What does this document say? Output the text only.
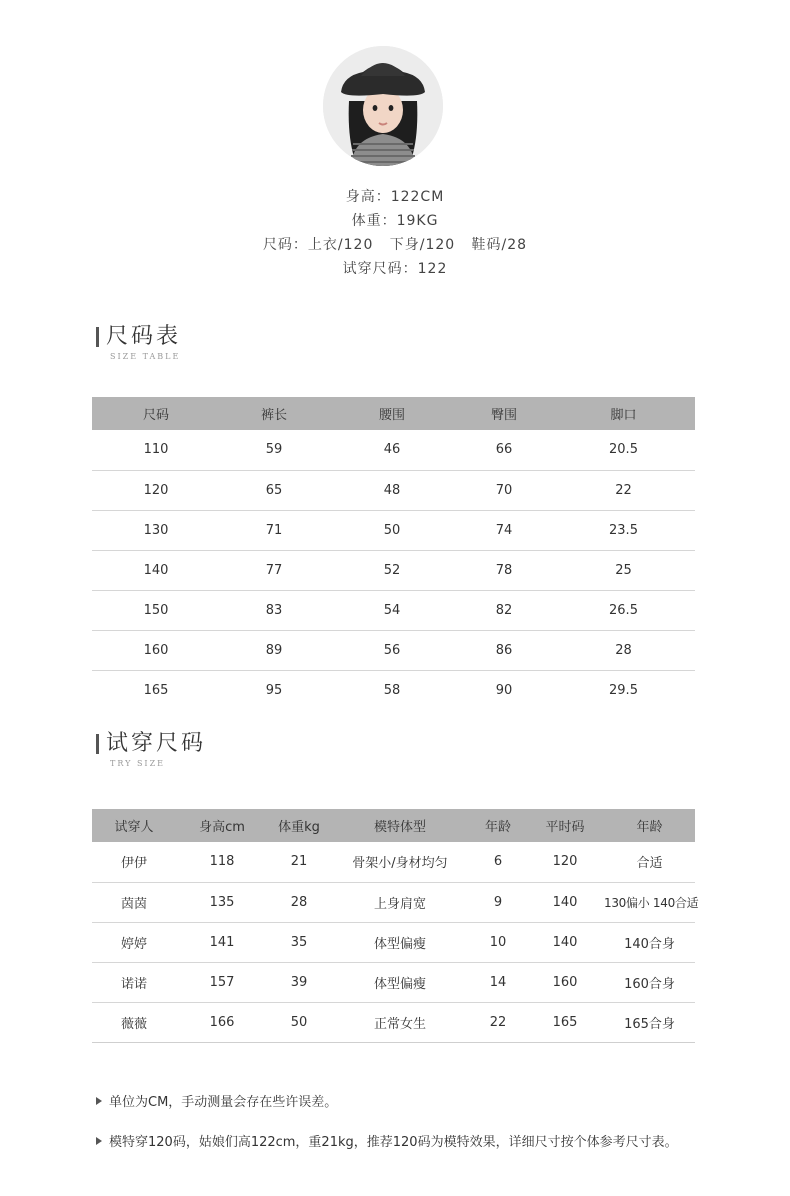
身高：122CM
体重：19KG
尺码：上衣/120   下身/120   鞋码/28
试穿尺码：122
尺码表
SIZE TABLE
尺码	裤长	腰围	臀围	脚口
110	59	46	66	20.5
120	65	48	70	22
130	71	50	74	23.5
140	77	52	78	25
150	83	54	82	26.5
160	89	56	86	28
165	95	58	90	29.5
试穿尺码
TRY SIZE
试穿人	身高cm	体重kg	模特体型	年龄	平时码	年龄
伊伊	118	21	骨架小/身材均匀	6	120	合适
茵茵	135	28	上身肩宽	9	140	130偏小 140合适
婷婷	141	35	体型偏瘦	10	140	140合身
诺诺	157	39	体型偏瘦	14	160	160合身
薇薇	166	50	正常女生	22	165	165合身
单位为CM，手动测量会存在些许误差。
模特穿120码，姑娘们高122cm，重21kg，推荐120码为模特效果，详细尺寸按个体参考尺寸表。
